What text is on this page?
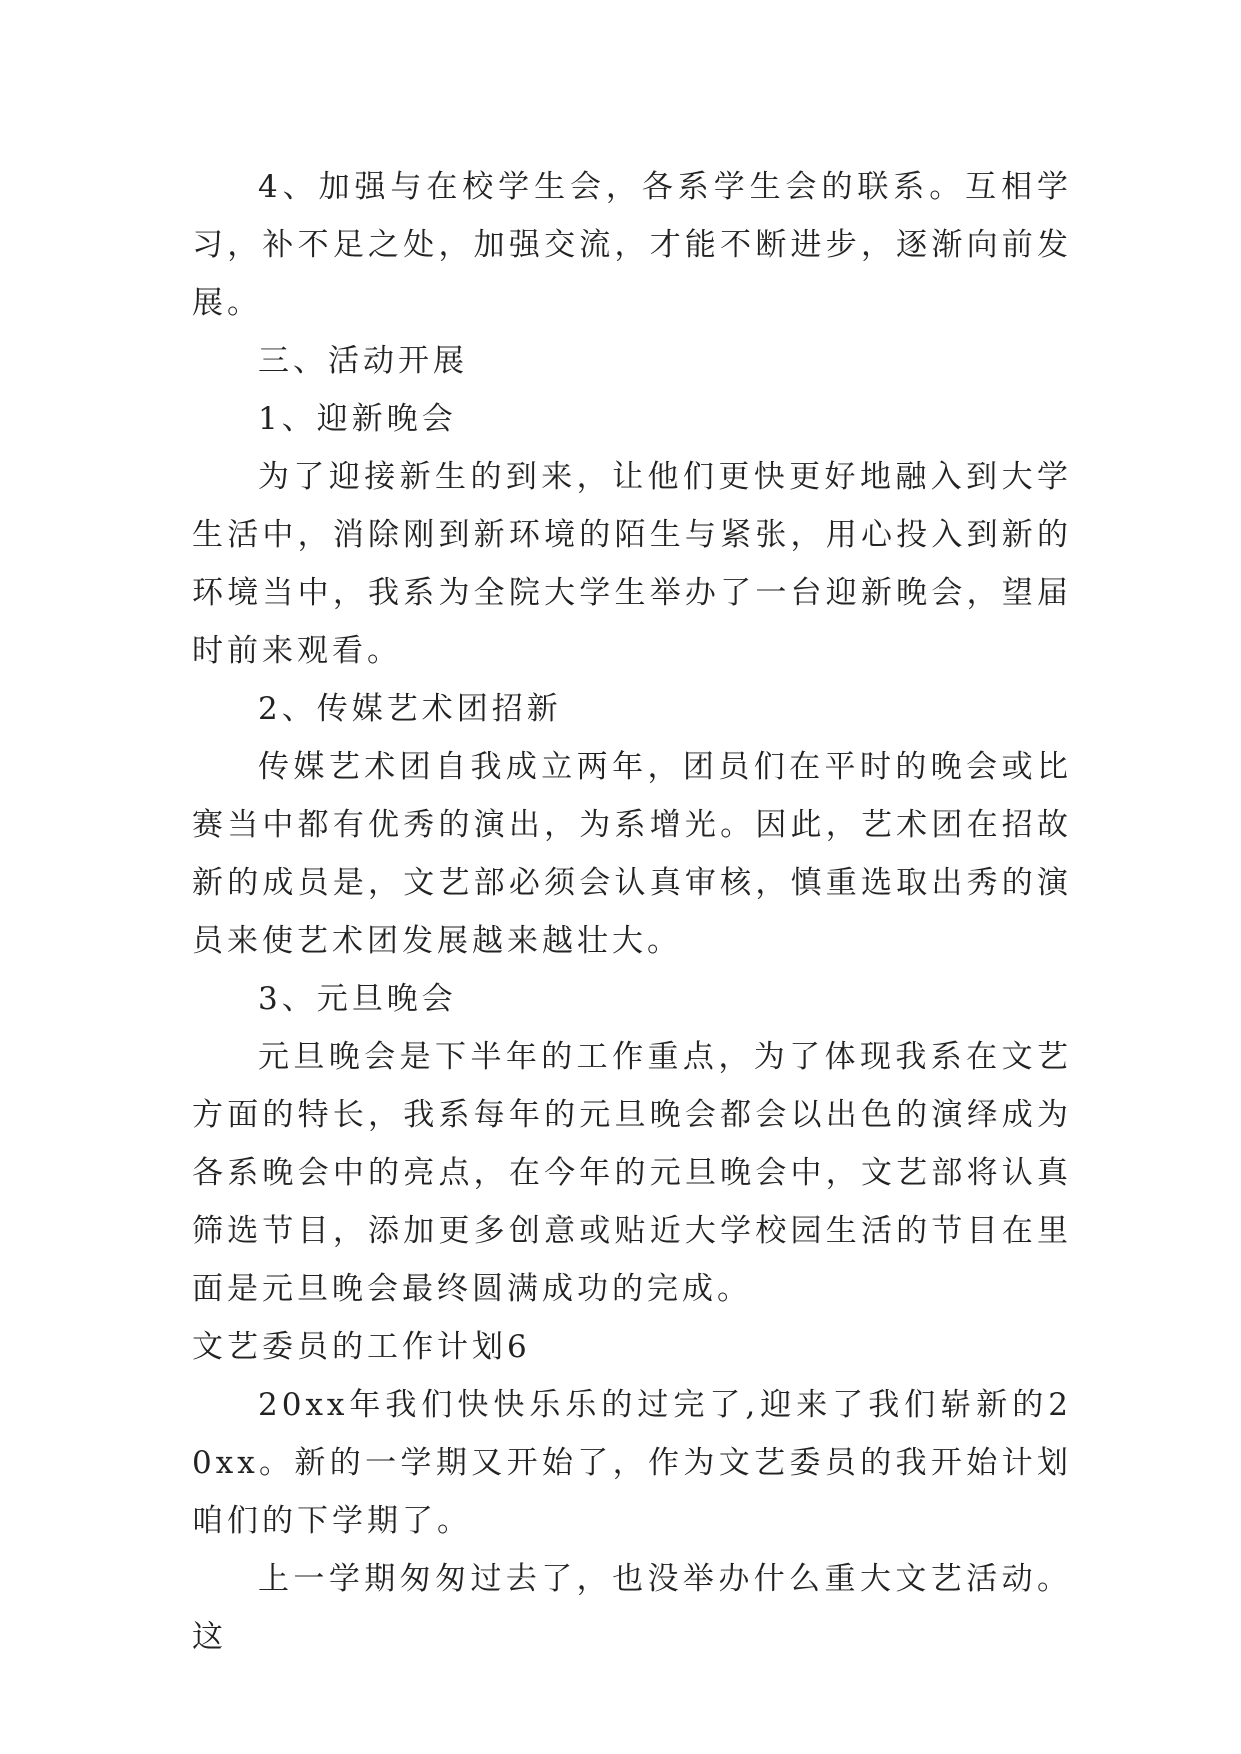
4、加强与在校学生会，各系学生会的联系。互相学习，补不足之处，加强交流，才能不断进步，逐渐向前发展。

三、活动开展

1、迎新晚会

为了迎接新生的到来，让他们更快更好地融入到大学生活中，消除刚到新环境的陌生与紧张，用心投入到新的环境当中，我系为全院大学生举办了一台迎新晚会，望届时前来观看。

2、传媒艺术团招新

传媒艺术团自我成立两年，团员们在平时的晚会或比赛当中都有优秀的演出，为系增光。因此，艺术团在招故新的成员是，文艺部必须会认真审核，慎重选取出秀的演员来使艺术团发展越来越壮大。

3、元旦晚会

元旦晚会是下半年的工作重点，为了体现我系在文艺方面的特长，我系每年的元旦晚会都会以出色的演绎成为各系晚会中的亮点，在今年的元旦晚会中，文艺部将认真筛选节目，添加更多创意或贴近大学校园生活的节目在里面是元旦晚会最终圆满成功的完成。

文艺委员的工作计划6

20xx年我们快快乐乐的过完了,迎来了我们崭新的20xx。新的一学期又开始了，作为文艺委员的我开始计划咱们的下学期了。

上一学期匆匆过去了，也没举办什么重大文艺活动。这
